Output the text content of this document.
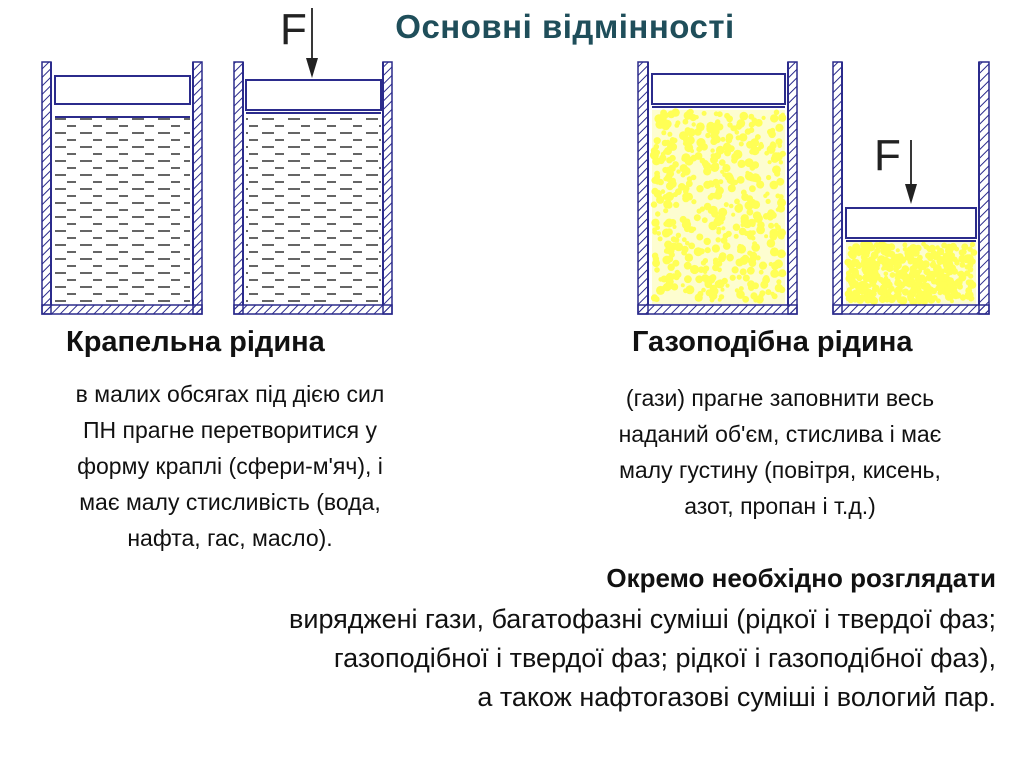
F
F
Основні відмінності
Крапельна рідина	Газоподібна рідина
в малих обсягах під дією сил
ПН прагне перетворитися у
форму краплі (сфери-м'яч), і
має малу стисливість (вода,
нафта, гас, масло).
(гази) прагне заповнити весь
наданий об'єм, стислива і має
малу густину (повітря, кисень,
азот, пропан і т.д.)
Окремо необхідно розглядати
виряджені гази, багатофазні суміші (рідкої і твердої фаз;
газоподібної і твердої фаз; рідкої і газоподібної фаз),
а також нафтогазові суміші і вологий пар.
